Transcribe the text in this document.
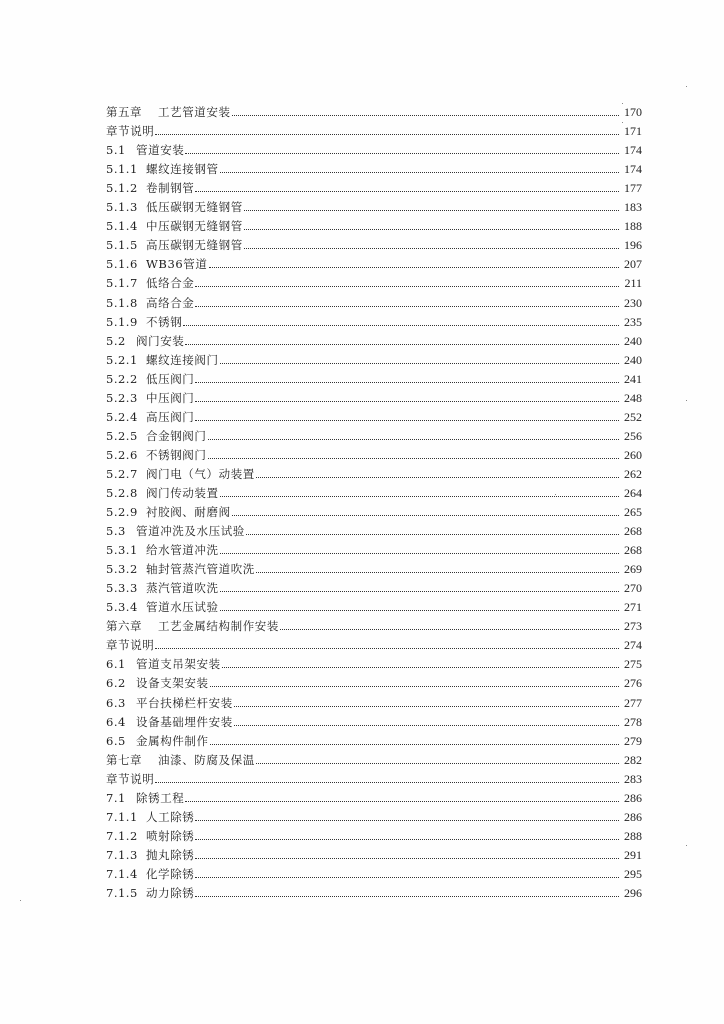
第五章	工艺管道安装	170
章节说明	171
5.1 管道安装	174
5.1.1 螺纹连接钢管	174
5.1.2 卷制钢管	177
5.1.3 低压碳钢无缝钢管	183
5.1.4 中压碳钢无缝钢管	188
5.1.5 高压碳钢无缝钢管	196
5.1.6 WB36管道	207
5.1.7 低络合金	211
5.1.8 高络合金	230
5.1.9 不锈钢	235
5.2 阀门安装	240
5.2.1 螺纹连接阀门	240
5.2.2 低压阀门	241
5.2.3 中压阀门	248
5.2.4 高压阀门	252
5.2.5 合金钢阀门	256
5.2.6 不锈钢阀门	260
5.2.7 阀门电（气）动装置	262
5.2.8 阀门传动装置	264
5.2.9 衬胶阀、耐磨阀	265
5.3 管道冲洗及水压试验	268
5.3.1 给水管道冲洗	268
5.3.2 轴封管蒸汽管道吹洗	269
5.3.3 蒸汽管道吹洗	270
5.3.4 管道水压试验	271
第六章	工艺金属结构制作安装	273
章节说明	274
6.1 管道支吊架安装	275
6.2 设备支架安装	276
6.3 平台扶梯栏杆安装	277
6.4 设备基础埋件安装	278
6.5 金属构件制作	279
第七章	油漆、防腐及保温	282
章节说明	283
7.1 除锈工程	286
7.1.1 人工除锈	286
7.1.2 喷射除锈	288
7.1.3 抛丸除锈	291
7.1.4 化学除锈	295
7.1.5 动力除锈	296
